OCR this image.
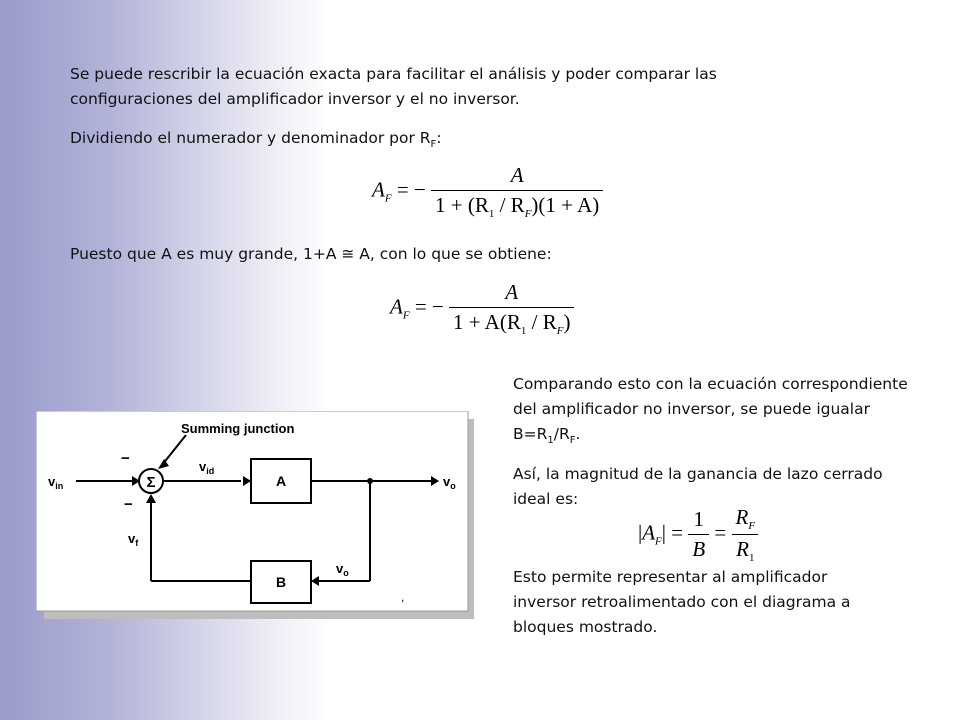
Se puede rescribir la ecuación exacta para facilitar el análisis y poder comparar las configuraciones del amplificador inversor y el no inversor.

Dividiendo el numerador y denominador por $R_F$:

Puesto que A es muy grande, 1+A ≅ A, con lo que se obtiene:

Comparando esto con la ecuación correspondiente del amplificador no inversor, se puede igualar $B=R_1/R_F$.

Así, la magnitud de la ganancia de lazo cerrado ideal es:

Esto permite representar al amplificador inversor retroalimentado con el diagrama a bloques mostrado.

$A_F$ = − $\frac{A}{1 + (R_1 / R_F)(1 + A)}$
$A_F$ = − $\frac{A}{1 + A(R_1 / R_F)}$
$|A_F| = \frac{1}{B} = \frac{R_F}{R_1}$
Σ
Summing junction
A
B
$v_{in}$
$v_{id}$
$v_o$
$v_o$
$v_f$
−
−
,
